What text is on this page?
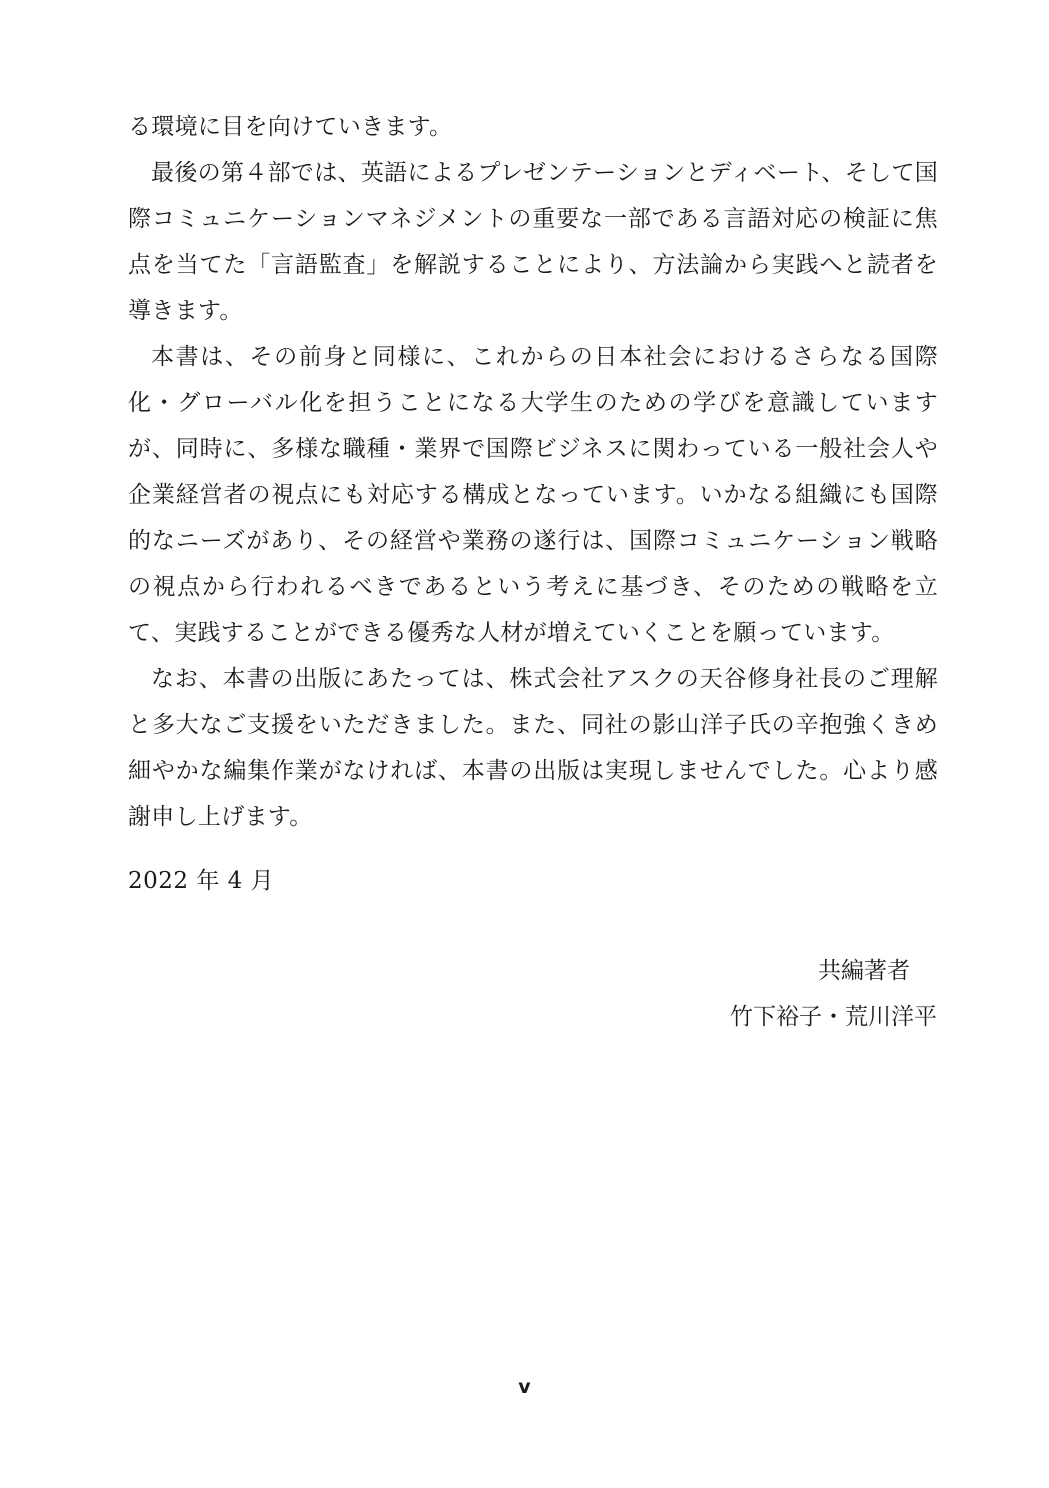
る環境に目を向けていきます。

最後の第４部では、英語によるプレゼンテーションとディベート、そして国際コミュニケーションマネジメントの重要な一部である言語対応の検証に焦点を当てた「言語監査」を解説することにより、方法論から実践へと読者を導きます。

本書は、その前身と同様に、これからの日本社会におけるさらなる国際化・グローバル化を担うことになる大学生のための学びを意識していますが、同時に、多様な職種・業界で国際ビジネスに関わっている一般社会人や企業経営者の視点にも対応する構成となっています。いかなる組織にも国際的なニーズがあり、その経営や業務の遂行は、国際コミュニケーション戦略の視点から行われるべきであるという考えに基づき、そのための戦略を立て、実践することができる優秀な人材が増えていくことを願っています。

なお、本書の出版にあたっては、株式会社アスクの天谷修身社長のご理解と多大なご支援をいただきました。また、同社の影山洋子氏の辛抱強くきめ細やかな編集作業がなければ、本書の出版は実現しませんでした。心より感謝申し上げます。

2022 年 4 月
共編著者
竹下裕子・荒川洋平
v
